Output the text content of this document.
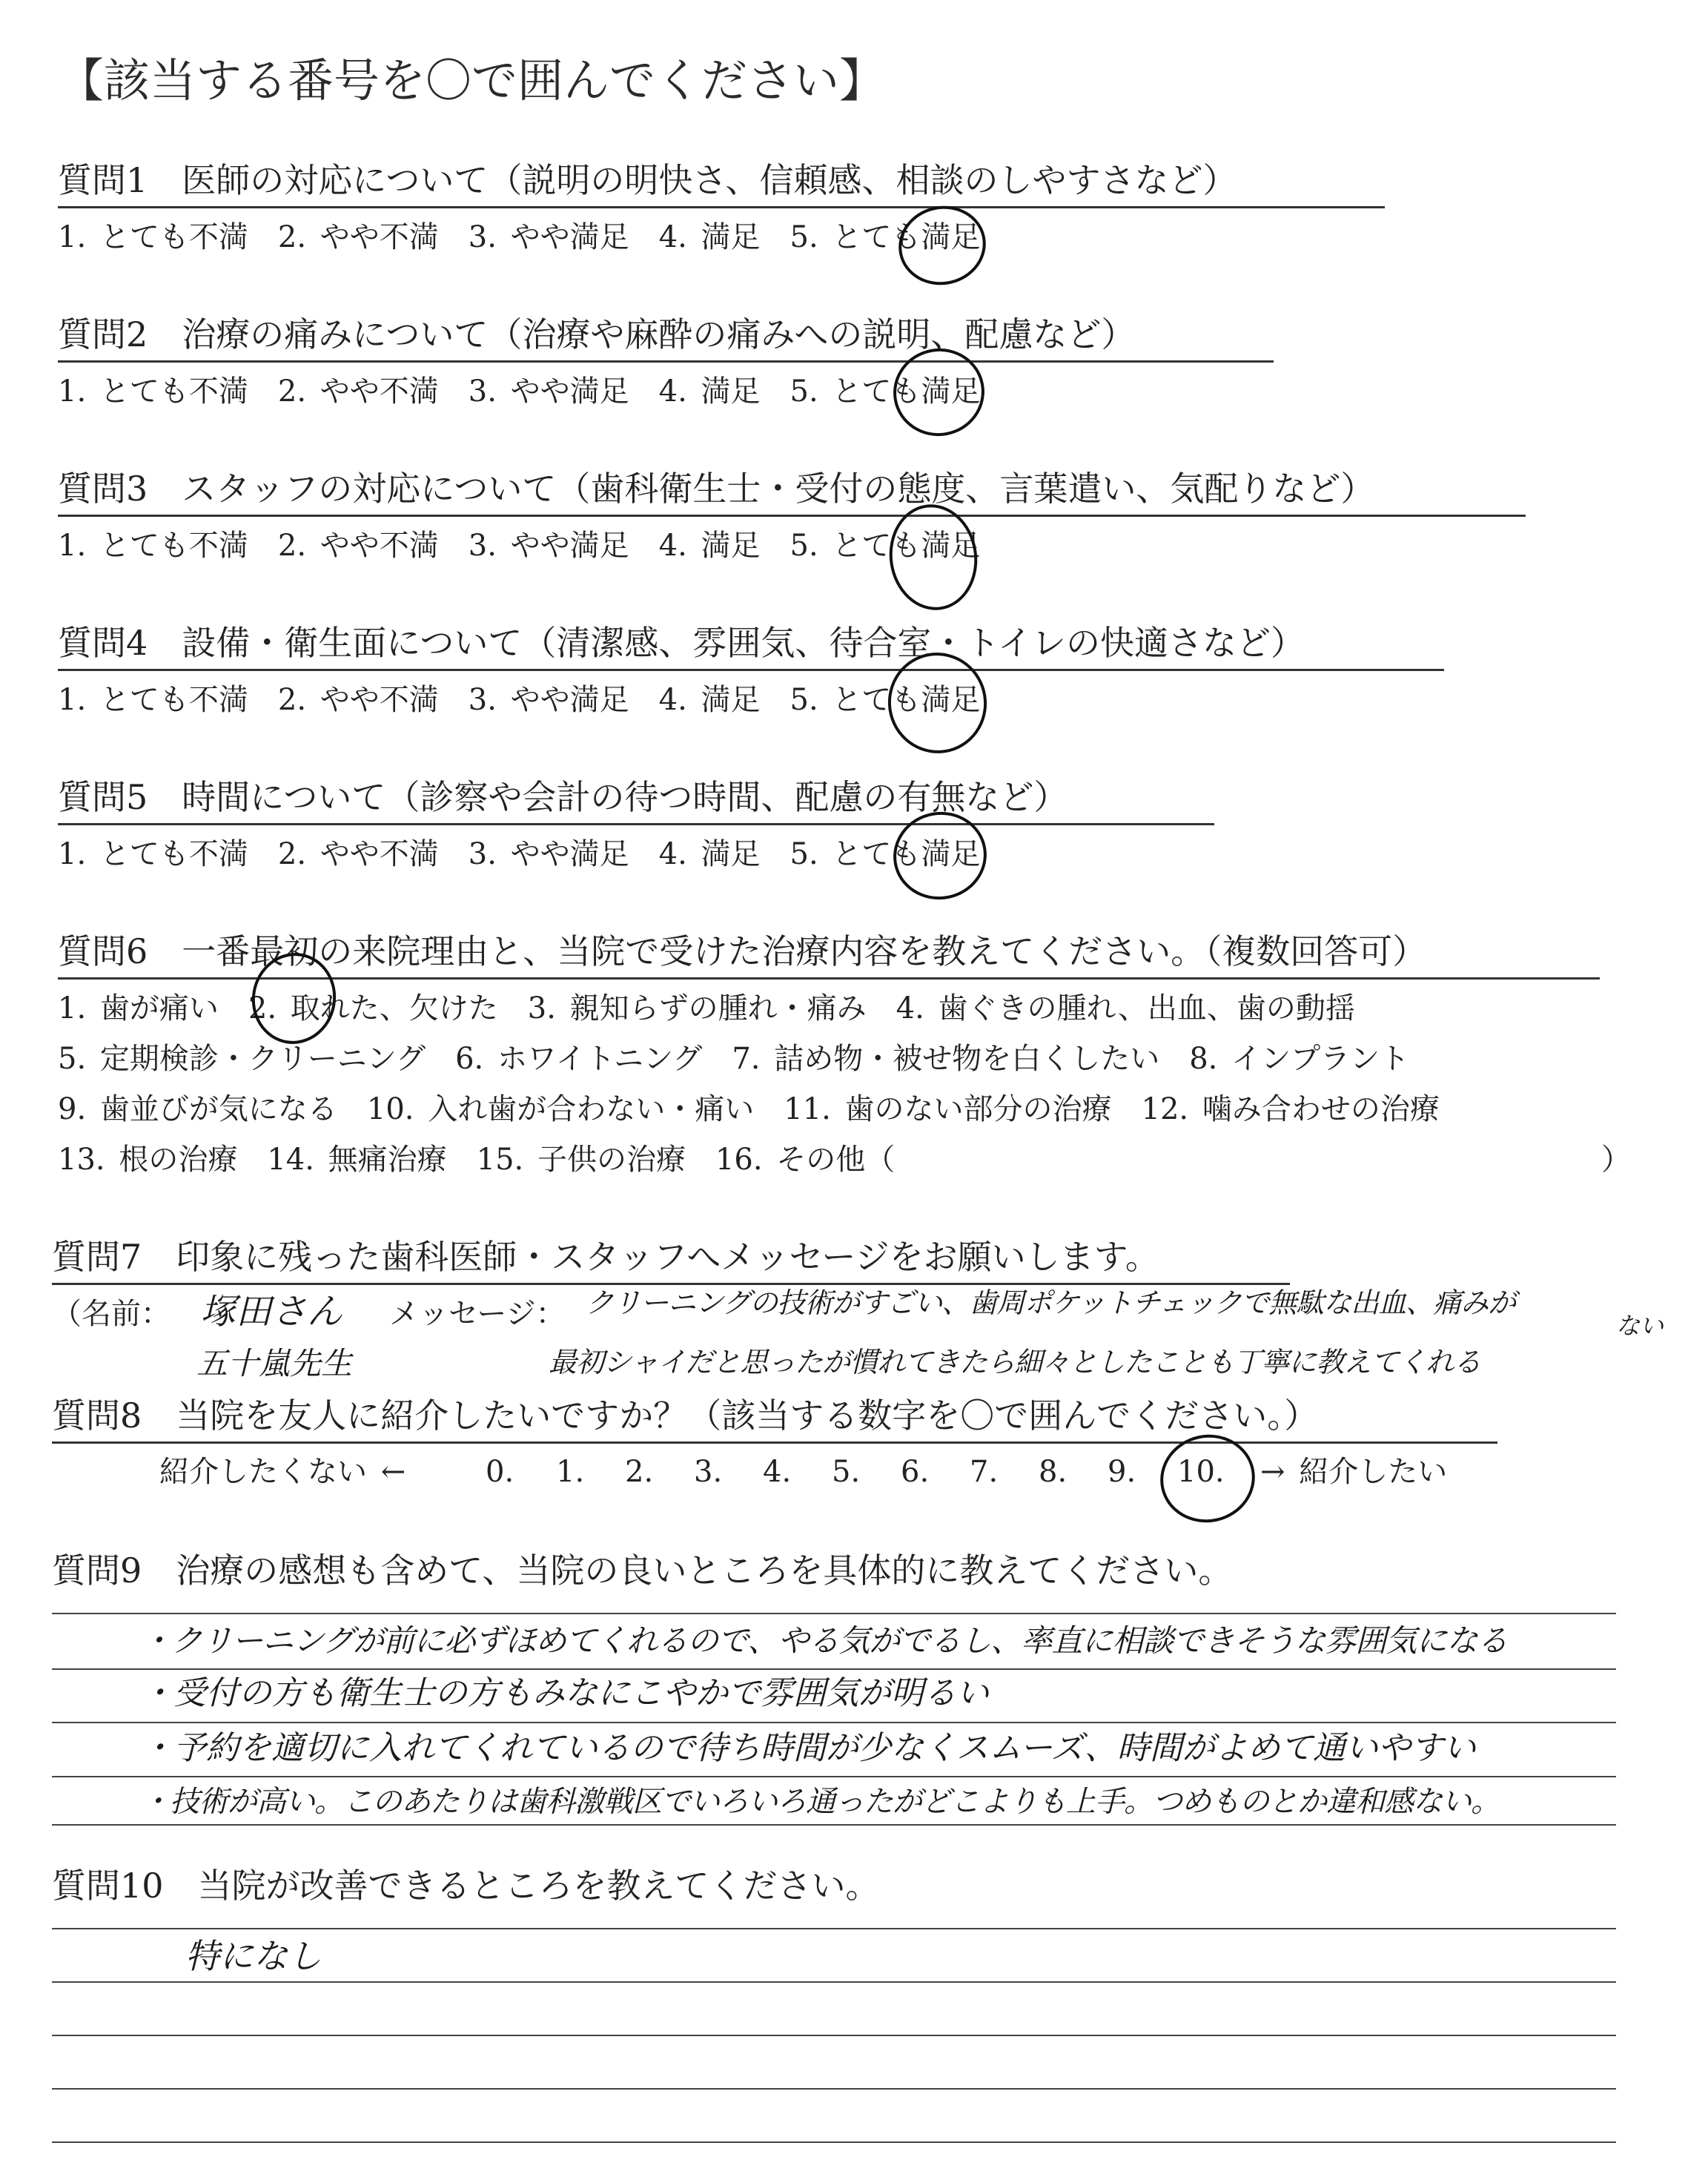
【該当する番号を〇で囲んでください】
質問1　医師の対応について（説明の明快さ、信頼感、相談のしやすさなど）
1. とても不満　2. やや不満　3. やや満足　4. 満足　5. とても満足
質問2　治療の痛みについて（治療や麻酔の痛みへの説明、配慮など）
1. とても不満　2. やや不満　3. やや満足　4. 満足　5. とても満足
質問3　スタッフの対応について（歯科衛生士・受付の態度、言葉遣い、気配りなど）
1. とても不満　2. やや不満　3. やや満足　4. 満足　5. とても満足
質問4　設備・衛生面について（清潔感、雰囲気、待合室・トイレの快適さなど）
1. とても不満　2. やや不満　3. やや満足　4. 満足　5. とても満足
質問5　時間について（診察や会計の待つ時間、配慮の有無など）
1. とても不満　2. やや不満　3. やや満足　4. 満足　5. とても満足
質問6　一番最初の来院理由と、当院で受けた治療内容を教えてください。（複数回答可）
1. 歯が痛い　2. 取れた、欠けた　3. 親知らずの腫れ・痛み　4. 歯ぐきの腫れ、出血、歯の動揺
5. 定期検診・クリーニング　6. ホワイトニング　7. 詰め物・被せ物を白くしたい　8. インプラント
9. 歯並びが気になる　10. 入れ歯が合わない・痛い　11. 歯のない部分の治療　12. 噛み合わせの治療
13. 根の治療　14. 無痛治療　15. 子供の治療　16. その他（	）
質問7　印象に残った歯科医師・スタッフへメッセージをお願いします。
（名前： 塚田さん メッセージ： クリーニングの技術がすごい、歯周ポケットチェックで無駄な出血、痛みが
ない
五十嵐先生	最初シャイだと思ったが慣れてきたら細々としたことも丁寧に教えてくれる
質問8　当院を友人に紹介したいですか？（該当する数字を〇で囲んでください。）
紹介したくない ←	0. 1. 2. 3. 4. 5. 6. 7. 8. 9. 10. → 紹介したい
質問9　治療の感想も含めて、当院の良いところを具体的に教えてください。
・クリーニングが前に必ずほめてくれるので、やる気がでるし、率直に相談できそうな雰囲気になる
・受付の方も衛生士の方もみなにこやかで雰囲気が明るい
・予約を適切に入れてくれているので待ち時間が少なくスムーズ、時間がよめて通いやすい
・技術が高い。このあたりは歯科激戦区でいろいろ通ったがどこよりも上手。つめものとか違和感ない。
質問10　当院が改善できるところを教えてください。
特になし
